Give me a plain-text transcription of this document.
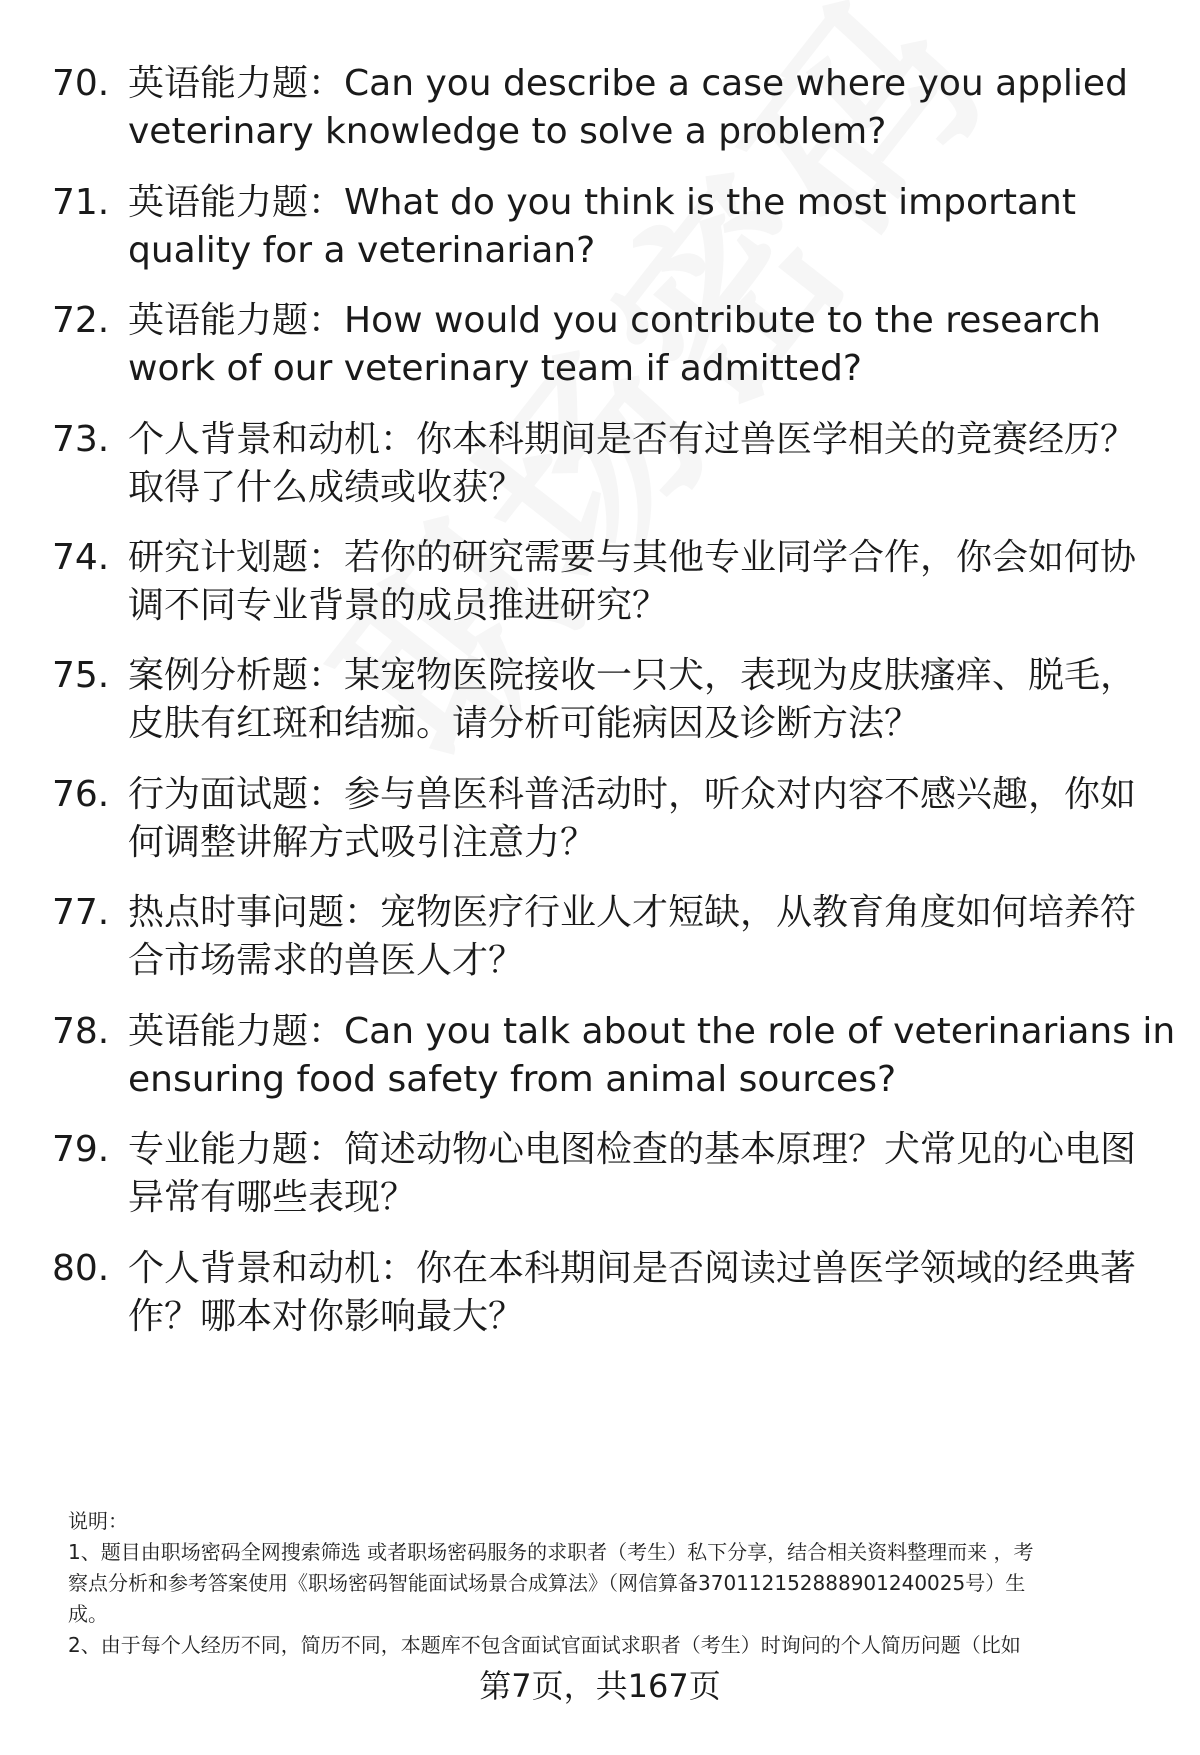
70. 英语能力题：Can you describe a case where you applied
veterinary knowledge to solve a problem?
71. 英语能力题：What do you think is the most important
quality for a veterinarian?
72. 英语能力题：How would you contribute to the research
work of our veterinary team if admitted?
73. 个人背景和动机：你本科期间是否有过兽医学相关的竞赛经历？
取得了什么成绩或收获？
74. 研究计划题：若你的研究需要与其他专业同学合作，你会如何协
调不同专业背景的成员推进研究？
75. 案例分析题：某宠物医院接收一只犬，表现为皮肤瘙痒、脱毛，
皮肤有红斑和结痂。请分析可能病因及诊断方法？
76. 行为面试题：参与兽医科普活动时，听众对内容不感兴趣，你如
何调整讲解方式吸引注意力？
77. 热点时事问题：宠物医疗行业人才短缺，从教育角度如何培养符
合市场需求的兽医人才？
78. 英语能力题：Can you talk about the role of veterinarians in
ensuring food safety from animal sources?
79. 专业能力题：简述动物心电图检查的基本原理？犬常见的心电图
异常有哪些表现？
80. 个人背景和动机：你在本科期间是否阅读过兽医学领域的经典著
作？哪本对你影响最大？
说明：
1、题目由职场密码全网搜索筛选 或者职场密码服务的求职者（考生）私下分享，结合相关资料整理而来 ，考
察点分析和参考答案使用《职场密码智能面试场景合成算法》（网信算备370112152888901240025号）生
成。
2、由于每个人经历不同，简历不同，本题库不包含面试官面试求职者（考生）时询问的个人简历问题（比如
第7页，共167页
